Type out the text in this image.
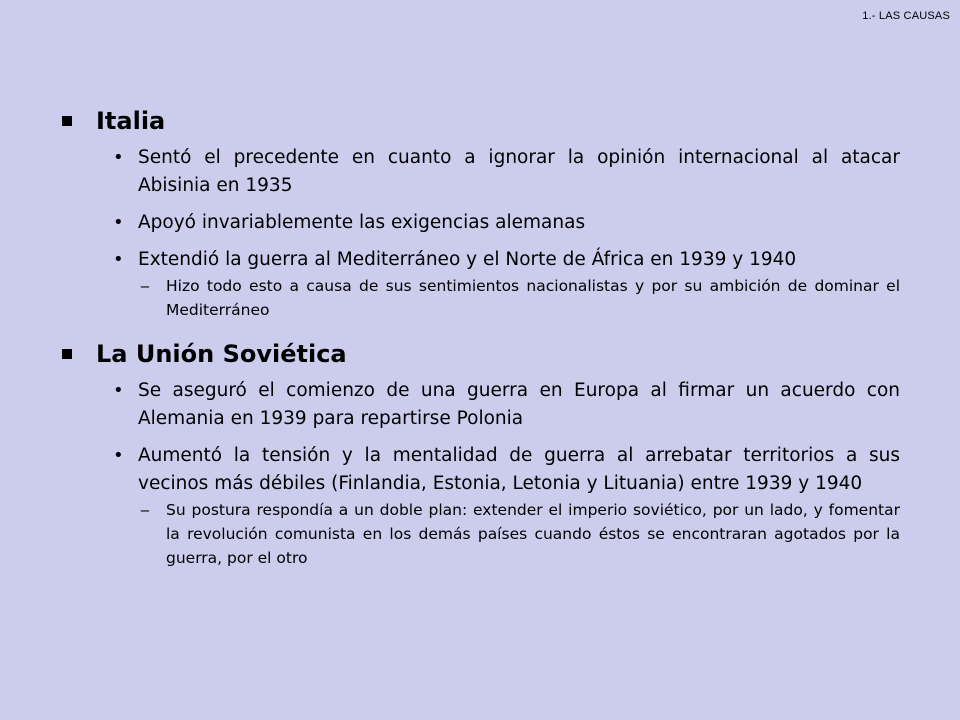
1.- LAS CAUSAS
Italia
• Sentó el precedente en cuanto a ignorar la opinión internacional al atacar Abisinia en 1935
• Apoyó invariablemente las exigencias alemanas
• Extendió la guerra al Mediterráneo y el Norte de África en 1939 y 1940
‒ Hizo todo esto a causa de sus sentimientos nacionalistas y por su ambición de dominar el Mediterráneo
La Unión Soviética
• Se aseguró el comienzo de una guerra en Europa al firmar un acuerdo con Alemania en 1939 para repartirse Polonia
• Aumentó la tensión y la mentalidad de guerra al arrebatar territorios a sus vecinos más débiles (Finlandia, Estonia, Letonia y Lituania) entre 1939 y 1940
‒ Su postura respondía a un doble plan: extender el imperio soviético, por un lado, y fomentar la revolución comunista en los demás países cuando éstos se encontraran agotados por la guerra, por el otro
